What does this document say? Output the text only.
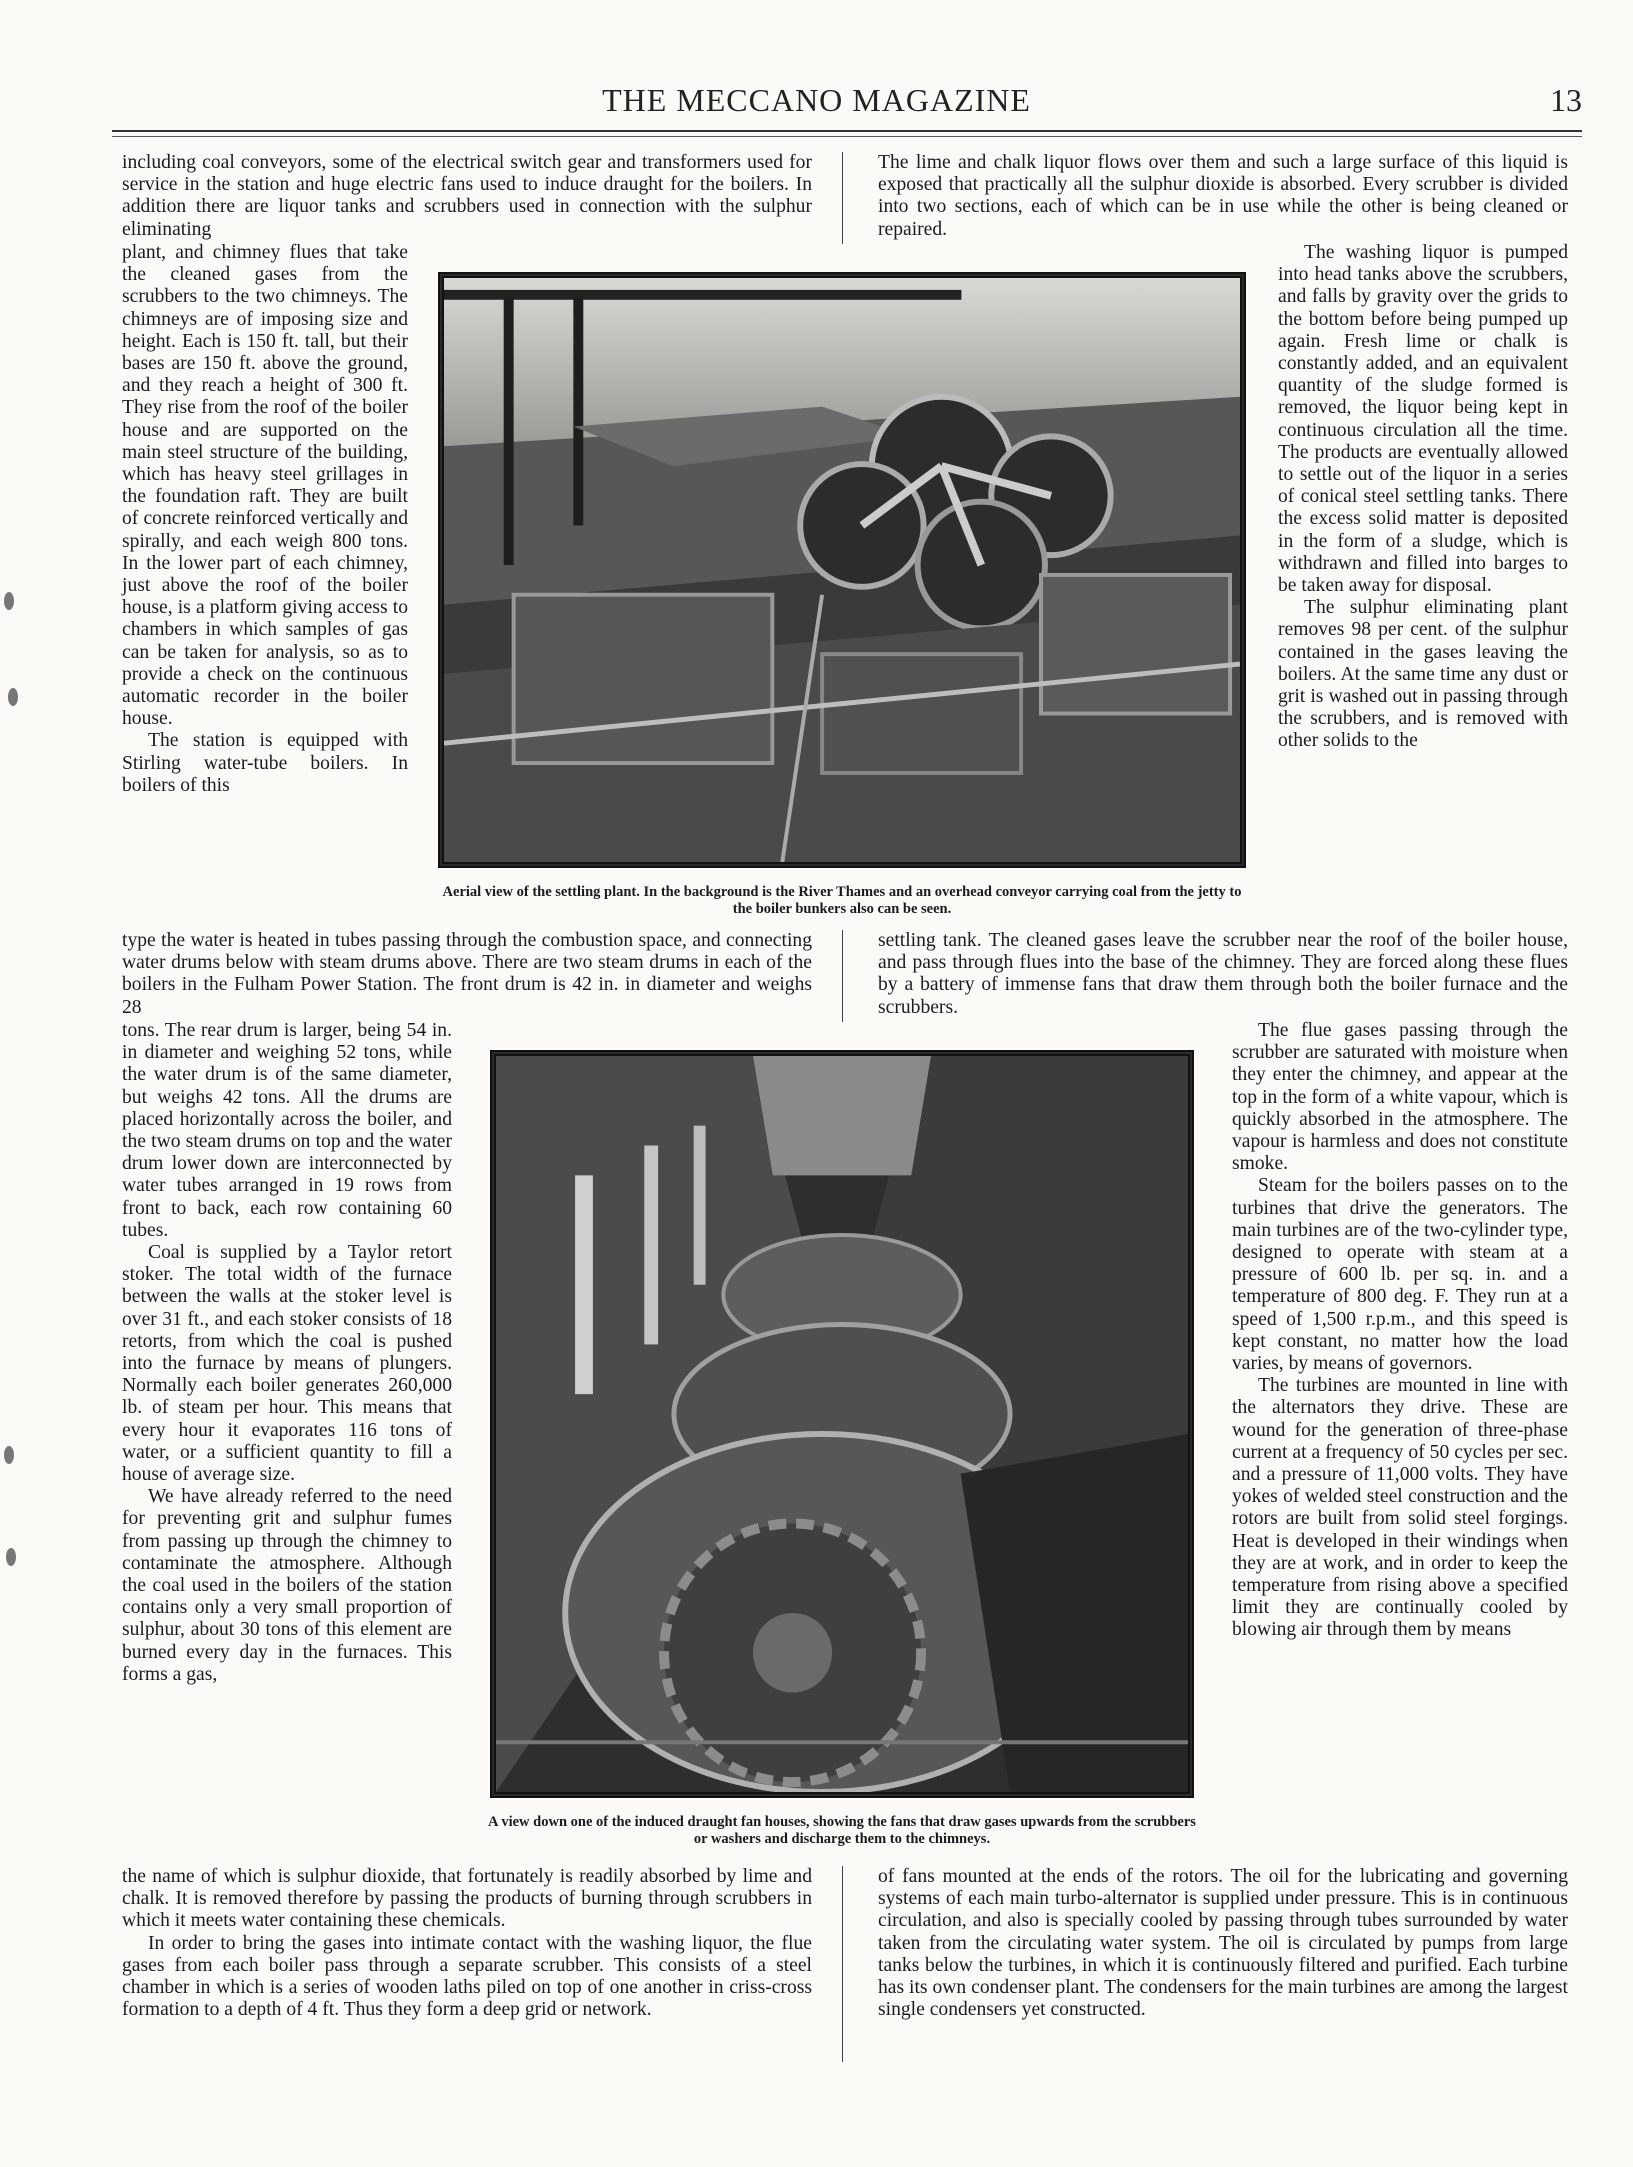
THE MECCANO MAGAZINE	13

including coal conveyors, some of the electrical switch gear and transformers used for service in the station and huge electric fans used to induce draught for the boilers. In addition there are liquor tanks and scrubbers used in connection with the sulphur eliminating

The lime and chalk liquor flows over them and such a large surface of this liquid is exposed that practically all the sulphur dioxide is absorbed. Every scrubber is divided into two sections, each of which can be in use while the other is being cleaned or repaired.

plant, and chimney flues that take the cleaned gases from the scrubbers to the two chimneys. The chimneys are of imposing size and height. Each is 150 ft. tall, but their bases are 150 ft. above the ground, and they reach a height of 300 ft. They rise from the roof of the boiler house and are supported on the main steel structure of the building, which has heavy steel grillages in the foundation raft. They are built of concrete reinforced vertically and spirally, and each weigh 800 tons. In the lower part of each chimney, just above the roof of the boiler house, is a platform giving access to chambers in which samples of gas can be taken for analysis, so as to provide a check on the continuous automatic recorder in the boiler house.

The station is equipped with Stirling water-tube boilers. In boilers of this

Aerial view of the settling plant. In the background is the River Thames and an overhead conveyor carrying coal from the jetty to the boiler bunkers also can be seen.

The washing liquor is pumped into head tanks above the scrubbers, and falls by gravity over the grids to the bottom before being pumped up again. Fresh lime or chalk is constantly added, and an equivalent quantity of the sludge formed is removed, the liquor being kept in continuous circulation all the time. The products are eventually allowed to settle out of the liquor in a series of conical steel settling tanks. There the excess solid matter is deposited in the form of a sludge, which is withdrawn and filled into barges to be taken away for disposal.

The sulphur eliminating plant removes 98 per cent. of the sulphur contained in the gases leaving the boilers. At the same time any dust or grit is washed out in passing through the scrubbers, and is removed with other solids to the

type the water is heated in tubes passing through the combustion space, and connecting water drums below with steam drums above. There are two steam drums in each of the boilers in the Fulham Power Station. The front drum is 42 in. in diameter and weighs 28

settling tank. The cleaned gases leave the scrubber near the roof of the boiler house, and pass through flues into the base of the chimney. They are forced along these flues by a battery of immense fans that draw them through both the boiler furnace and the scrubbers.

tons. The rear drum is larger, being 54 in. in diameter and weighing 52 tons, while the water drum is of the same diameter, but weighs 42 tons. All the drums are placed horizontally across the boiler, and the two steam drums on top and the water drum lower down are interconnected by water tubes arranged in 19 rows from front to back, each row containing 60 tubes.

Coal is supplied by a Taylor retort stoker. The total width of the furnace between the walls at the stoker level is over 31 ft., and each stoker consists of 18 retorts, from which the coal is pushed into the furnace by means of plungers. Normally each boiler generates 260,000 lb. of steam per hour. This means that every hour it evaporates 116 tons of water, or a sufficient quantity to fill a house of average size.

We have already referred to the need for preventing grit and sulphur fumes from passing up through the chimney to contaminate the atmosphere. Although the coal used in the boilers of the station contains only a very small proportion of sulphur, about 30 tons of this element are burned every day in the furnaces. This forms a gas,

A view down one of the induced draught fan houses, showing the fans that draw gases upwards from the scrubbers or washers and discharge them to the chimneys.

The flue gases passing through the scrubber are saturated with moisture when they enter the chimney, and appear at the top in the form of a white vapour, which is quickly absorbed in the atmosphere. The vapour is harmless and does not constitute smoke.

Steam for the boilers passes on to the turbines that drive the generators. The main turbines are of the two-cylinder type, designed to operate with steam at a pressure of 600 lb. per sq. in. and a temperature of 800 deg. F. They run at a speed of 1,500 r.p.m., and this speed is kept constant, no matter how the load varies, by means of governors.

The turbines are mounted in line with the alternators they drive. These are wound for the generation of three-phase current at a frequency of 50 cycles per sec. and a pressure of 11,000 volts. They have yokes of welded steel construction and the rotors are built from solid steel forgings. Heat is developed in their windings when they are at work, and in order to keep the temperature from rising above a specified limit they are continually cooled by blowing air through them by means

the name of which is sulphur dioxide, that fortunately is readily absorbed by lime and chalk. It is removed therefore by passing the products of burning through scrubbers in which it meets water containing these chemicals.

In order to bring the gases into intimate contact with the washing liquor, the flue gases from each boiler pass through a separate scrubber. This consists of a steel chamber in which is a series of wooden laths piled on top of one another in criss-cross formation to a depth of 4 ft. Thus they form a deep grid or network.

of fans mounted at the ends of the rotors. The oil for the lubricating and governing systems of each main turbo-alternator is supplied under pressure. This is in continuous circulation, and also is specially cooled by passing through tubes surrounded by water taken from the circulating water system. The oil is circulated by pumps from large tanks below the turbines, in which it is continuously filtered and purified. Each turbine has its own condenser plant. The condensers for the main turbines are among the largest single condensers yet constructed.
